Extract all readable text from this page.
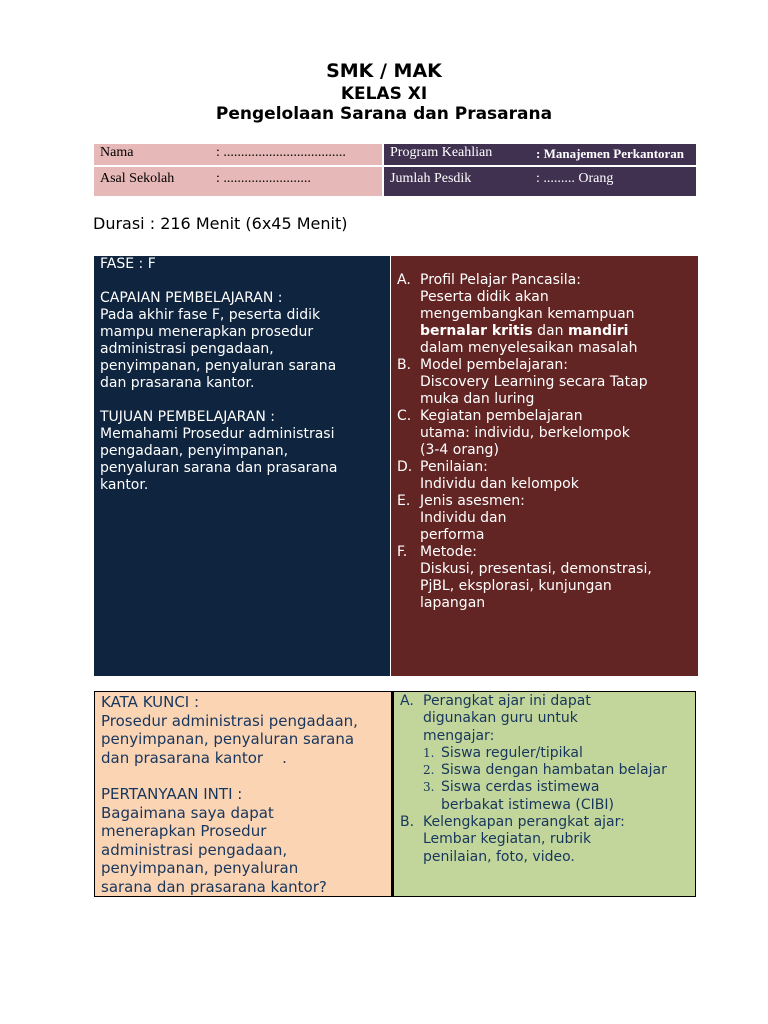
SMK / MAK
KELAS XI
Pengelolaan Sarana dan Prasarana
Nama	: ...................................	Program Keahlian	: Manajemen Perkantoran
Asal Sekolah	: .........................	Jumlah Pesdik	: ......... Orang
Durasi : 216 Menit (6x45 Menit)

FASE : F

CAPAIAN PEMBELAJARAN :

Pada akhir fase F, peserta didik

mampu menerapkan prosedur

administrasi pengadaan,

penyimpanan, penyaluran sarana

dan prasarana kantor.

TUJUAN PEMBELAJARAN :

Memahami Prosedur administrasi

pengadaan, penyimpanan,

penyaluran sarana dan prasarana

kantor.

A. Profil Pelajar Pancasila:

Peserta didik akan

mengembangkan kemampuan

bernalar kritis dan mandiri

dalam menyelesaikan masalah

B. Model pembelajaran:

Discovery Learning secara Tatap

muka dan luring

C. Kegiatan pembelajaran

utama: individu, berkelompok

(3-4 orang)

D. Penilaian:

Individu dan kelompok

E. Jenis asesmen:

Individu dan

performa

F. Metode:

Diskusi, presentasi, demonstrasi,

PjBL, eksplorasi, kunjungan

lapangan

KATA KUNCI :

Prosedur administrasi pengadaan,

penyimpanan, penyaluran sarana

dan prasarana kantor    .

PERTANYAAN INTI :

Bagaimana saya dapat

menerapkan Prosedur

administrasi pengadaan,

penyimpanan, penyaluran

sarana dan prasarana kantor?

A. Perangkat ajar ini dapat

digunakan guru untuk

mengajar:

1. Siswa reguler/tipikal

2. Siswa dengan hambatan belajar

3. Siswa cerdas istimewa

berbakat istimewa (CIBI)

B. Kelengkapan perangkat ajar:

Lembar kegiatan, rubrik

penilaian, foto, video.
